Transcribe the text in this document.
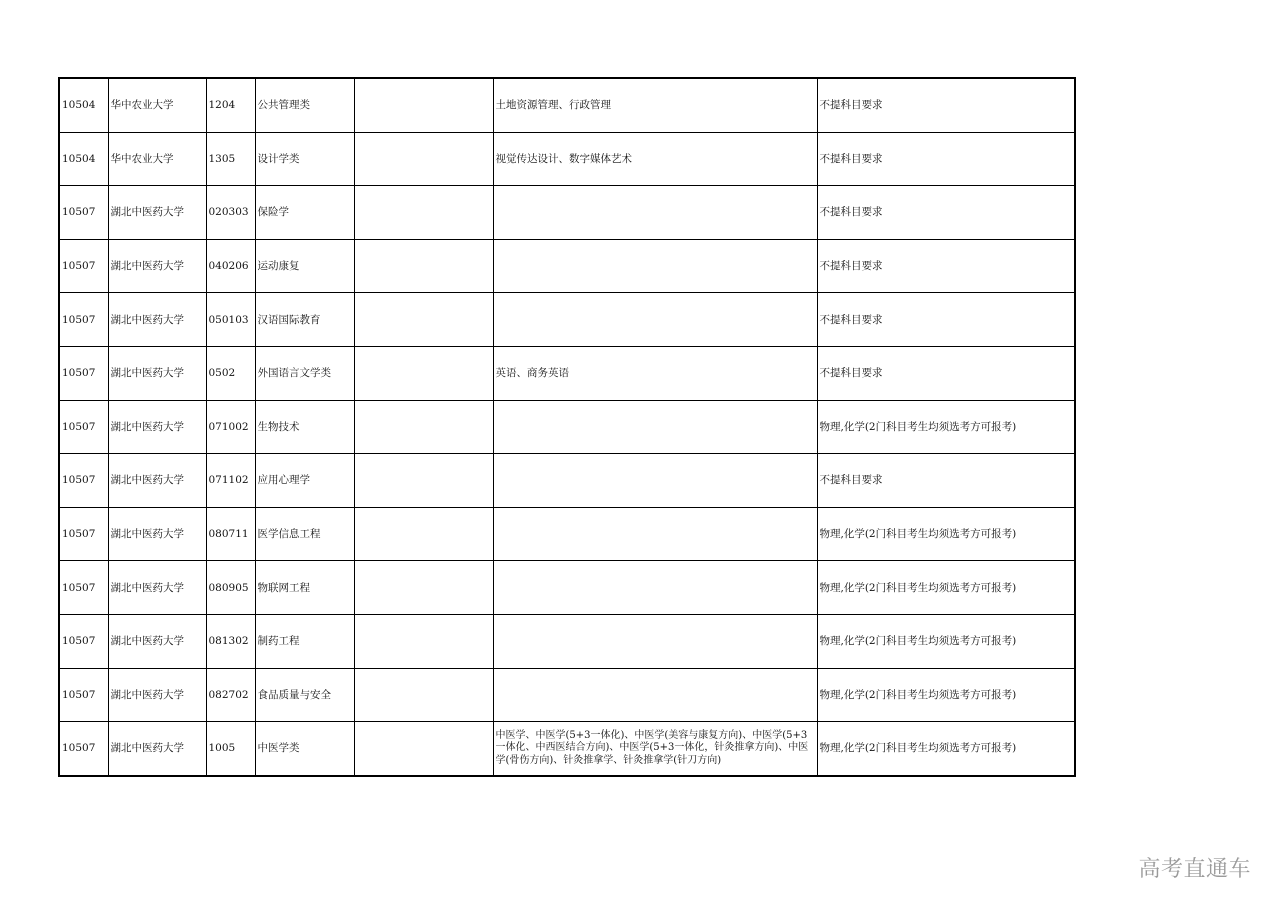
10504	华中农业大学	1204	公共管理类		土地资源管理、行政管理	不提科目要求
10504	华中农业大学	1305	设计学类		视觉传达设计、数字媒体艺术	不提科目要求
10507	湖北中医药大学	020303	保险学			不提科目要求
10507	湖北中医药大学	040206	运动康复			不提科目要求
10507	湖北中医药大学	050103	汉语国际教育			不提科目要求
10507	湖北中医药大学	0502	外国语言文学类		英语、商务英语	不提科目要求
10507	湖北中医药大学	071002	生物技术			物理,化学(2门科目考生均须选考方可报考)
10507	湖北中医药大学	071102	应用心理学			不提科目要求
10507	湖北中医药大学	080711	医学信息工程			物理,化学(2门科目考生均须选考方可报考)
10507	湖北中医药大学	080905	物联网工程			物理,化学(2门科目考生均须选考方可报考)
10507	湖北中医药大学	081302	制药工程			物理,化学(2门科目考生均须选考方可报考)
10507	湖北中医药大学	082702	食品质量与安全			物理,化学(2门科目考生均须选考方可报考)
10507	湖北中医药大学	1005	中医学类		中医学、中医学(5+3一体化)、中医学(美容与康复方向)、中医学(5+3一体化、中西医结合方向)、中医学(5+3一体化，针灸推拿方向)、中医学(骨伤方向)、针灸推拿学、针灸推拿学(针刀方向)	物理,化学(2门科目考生均须选考方可报考)
高考直通车
